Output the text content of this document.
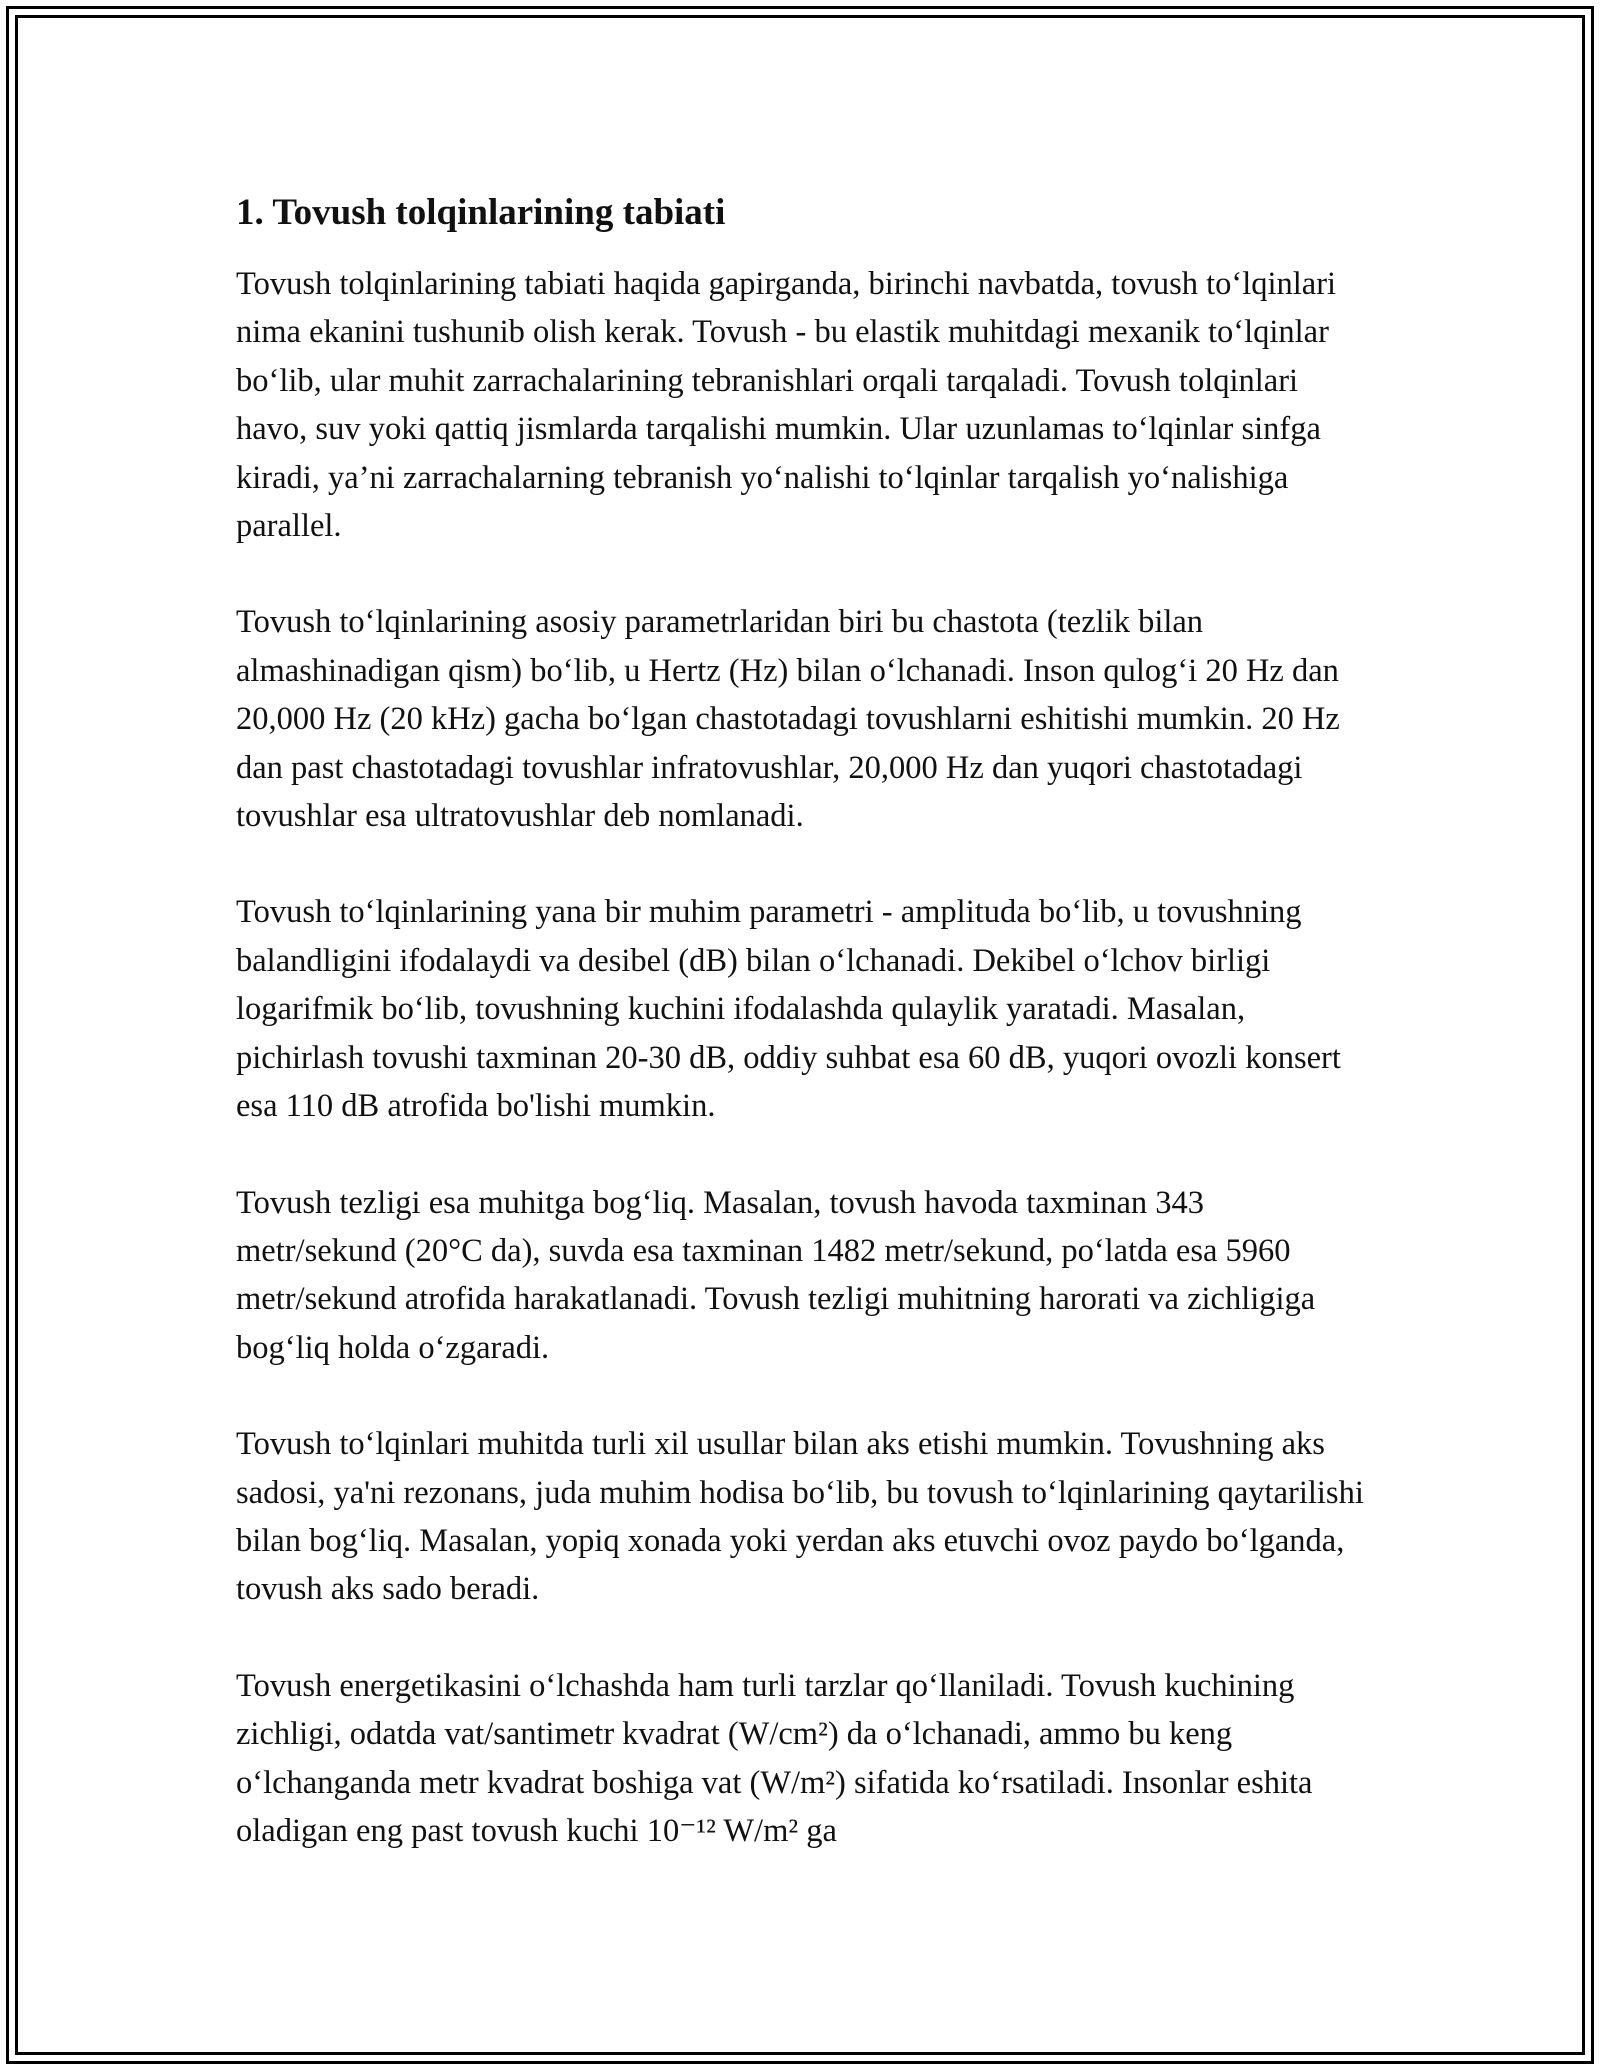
1. Tovush tolqinlarining tabiati

Tovush tolqinlarining tabiati haqida gapirganda, birinchi navbatda, tovush to‘lqinlari nima ekanini tushunib olish kerak. Tovush - bu elastik muhitdagi mexanik to‘lqinlar bo‘lib, ular muhit zarrachalarining tebranishlari orqali tarqaladi. Tovush tolqinlari havo, suv yoki qattiq jismlarda tarqalishi mumkin. Ular uzunlamas to‘lqinlar sinfga kiradi, ya’ni zarrachalarning tebranish yo‘nalishi to‘lqinlar tarqalish yo‘nalishiga parallel.

Tovush to‘lqinlarining asosiy parametrlaridan biri bu chastota (tezlik bilan almashinadigan qism) bo‘lib, u Hertz (Hz) bilan o‘lchanadi. Inson qulog‘i 20 Hz dan 20,000 Hz (20 kHz) gacha bo‘lgan chastotadagi tovushlarni eshitishi mumkin. 20 Hz dan past chastotadagi tovushlar infratovushlar, 20,000 Hz dan yuqori chastotadagi tovushlar esa ultratovushlar deb nomlanadi.

Tovush to‘lqinlarining yana bir muhim parametri - amplituda bo‘lib, u tovushning balandligini ifodalaydi va desibel (dB) bilan o‘lchanadi. Dekibel o‘lchov birligi logarifmik bo‘lib, tovushning kuchini ifodalashda qulaylik yaratadi. Masalan, pichirlash tovushi taxminan 20-30 dB, oddiy suhbat esa 60 dB, yuqori ovozli konsert esa 110 dB atrofida bo'lishi mumkin.

Tovush tezligi esa muhitga bog‘liq. Masalan, tovush havoda taxminan 343 metr/sekund (20°C da), suvda esa taxminan 1482 metr/sekund, po‘latda esa 5960 metr/sekund atrofida harakatlanadi. Tovush tezligi muhitning harorati va zichligiga bog‘liq holda o‘zgaradi.

Tovush to‘lqinlari muhitda turli xil usullar bilan aks etishi mumkin. Tovushning aks sadosi, ya'ni rezonans, juda muhim hodisa bo‘lib, bu tovush to‘lqinlarining qaytarilishi bilan bog‘liq. Masalan, yopiq xonada yoki yerdan aks etuvchi ovoz paydo bo‘lganda, tovush aks sado beradi.

Tovush energetikasini o‘lchashda ham turli tarzlar qo‘llaniladi. Tovush kuchining zichligi, odatda vat/santimetr kvadrat (W/cm²) da o‘lchanadi, ammo bu keng o‘lchanganda metr kvadrat boshiga vat (W/m²) sifatida ko‘rsatiladi. Insonlar eshita oladigan eng past tovush kuchi 10⁻¹² W/m² ga
